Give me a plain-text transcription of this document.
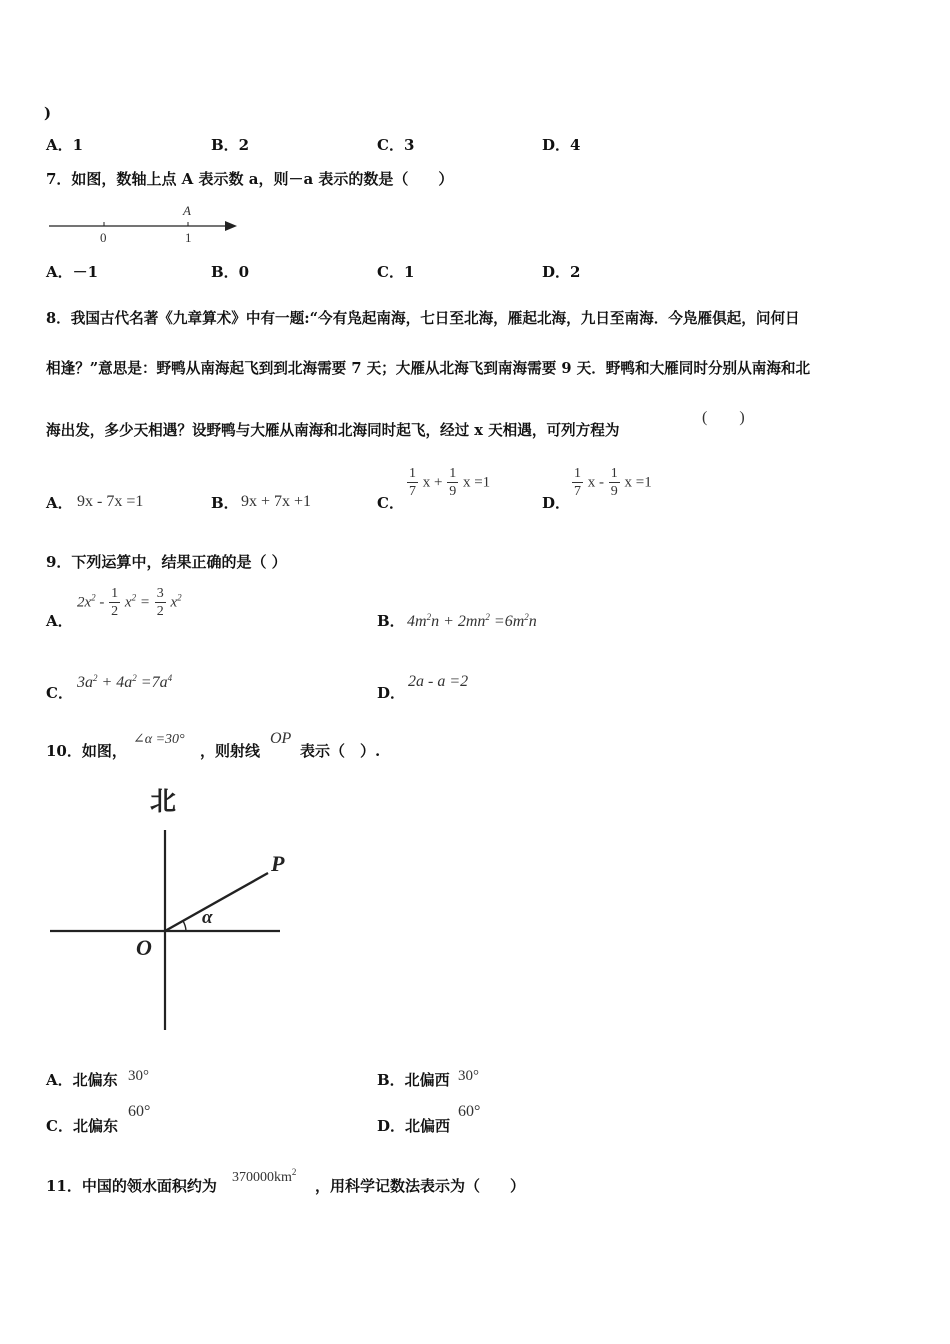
)
A．1	B．2	C．3	D．4
7．如图，数轴上点 A 表示数 a，则－a 表示的数是（　　）
A
0	1
A．－1	B．0	C．1	D．2
8．我国古代名著《九章算术》中有一题:“今有凫起南海，七日至北海，雁起北海，九日至南海．今凫雁俱起，问何日
相逢？”意思是：野鸭从南海起飞到到北海需要 7 天；大雁从北海飞到南海需要 9 天．野鸭和大雁同时分别从南海和北
海出发，多少天相遇？设野鸭与大雁从南海和北海同时起飞，经过 x 天相遇，可列方程为
(　　)
A． 9x - 7x =1	B． 9x + 7x +1	C．
$\frac{1}{7}$ $x + \frac{1}{9}$ x =1
D．
$\frac{1}{7}$ x - $\frac{1}{9}$ x =1
9．下列运算中，结果正确的是（ ）
A．
$2x^2 - \frac{1}{2} x^2 = \frac{3}{2} x^2$
B． $4m^2n + 2mn^2 =6m^2n$
C．
$3a^2 + 4a^2 =7a^4$
D．
2a - a =2
10．如图，
∠α =30°
，则射线
OP
表示（　）.
北
P
O
α
A．北偏东 30°	B．北偏西 30°
C．北偏东
60°
D．北偏西
60°
11．中国的领水面积约为 $370000km^2$
，用科学记数法表示为（　　）
